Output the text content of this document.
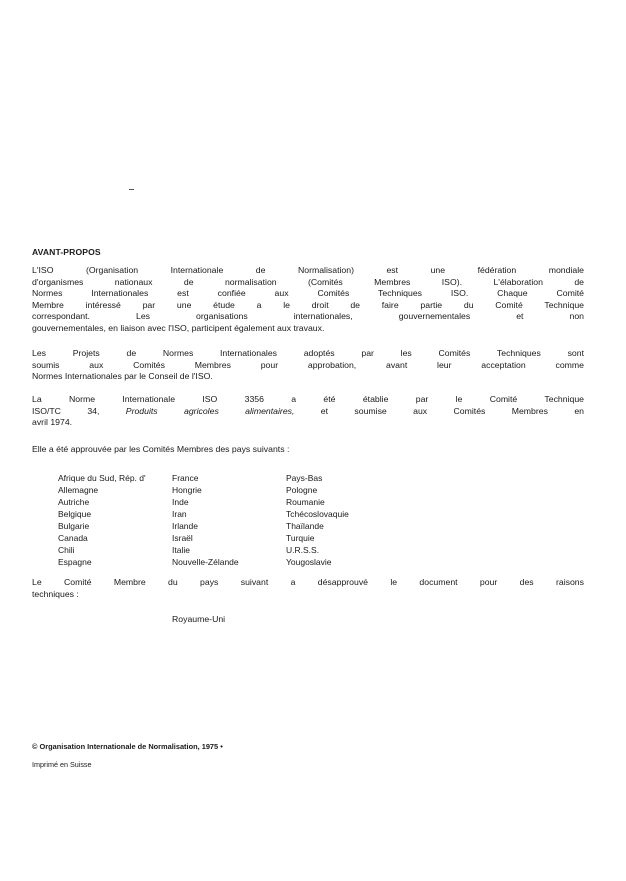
AVANT-PROPOS

L'ISO (Organisation Internationale de Normalisation) est une fédération mondiale
d'organismes nationaux de normalisation (Comités Membres ISO). L'élaboration de
Normes Internationales est confiée aux Comités Techniques ISO. Chaque Comité
Membre intéressé par une étude a le droit de faire partie du Comité Technique
correspondant. Les organisations internationales, gouvernementales et non
gouvernementales, en liaison avec l'ISO, participent également aux travaux.

Les Projets de Normes Internationales adoptés par les Comités Techniques sont
soumis aux Comités Membres pour approbation, avant leur acceptation comme
Normes Internationales par le Conseil de l'ISO.

La Norme Internationale ISO 3356 a été établie par le Comité Technique
ISO/TC 34, Produits agricoles alimentaires, et soumise aux Comités Membres en
avril 1974.

Elle a été approuvée par les Comités Membres des pays suivants :

Afrique du Sud, Rép. d'	France	Pays-Bas
Allemagne	Hongrie	Pologne
Autriche	Inde	Roumanie
Belgique	Iran	Tchécoslovaquie
Bulgarie	Irlande	Thaïlande
Canada	Israël	Turquie
Chili	Italie	U.R.S.S.
Espagne	Nouvelle-Zélande	Yougoslavie

Le Comité Membre du pays suivant a désapprouvé le document pour des raisons
techniques :

Royaume-Uni
© Organisation Internationale de Normalisation, 1975 •
Imprimé en Suisse
